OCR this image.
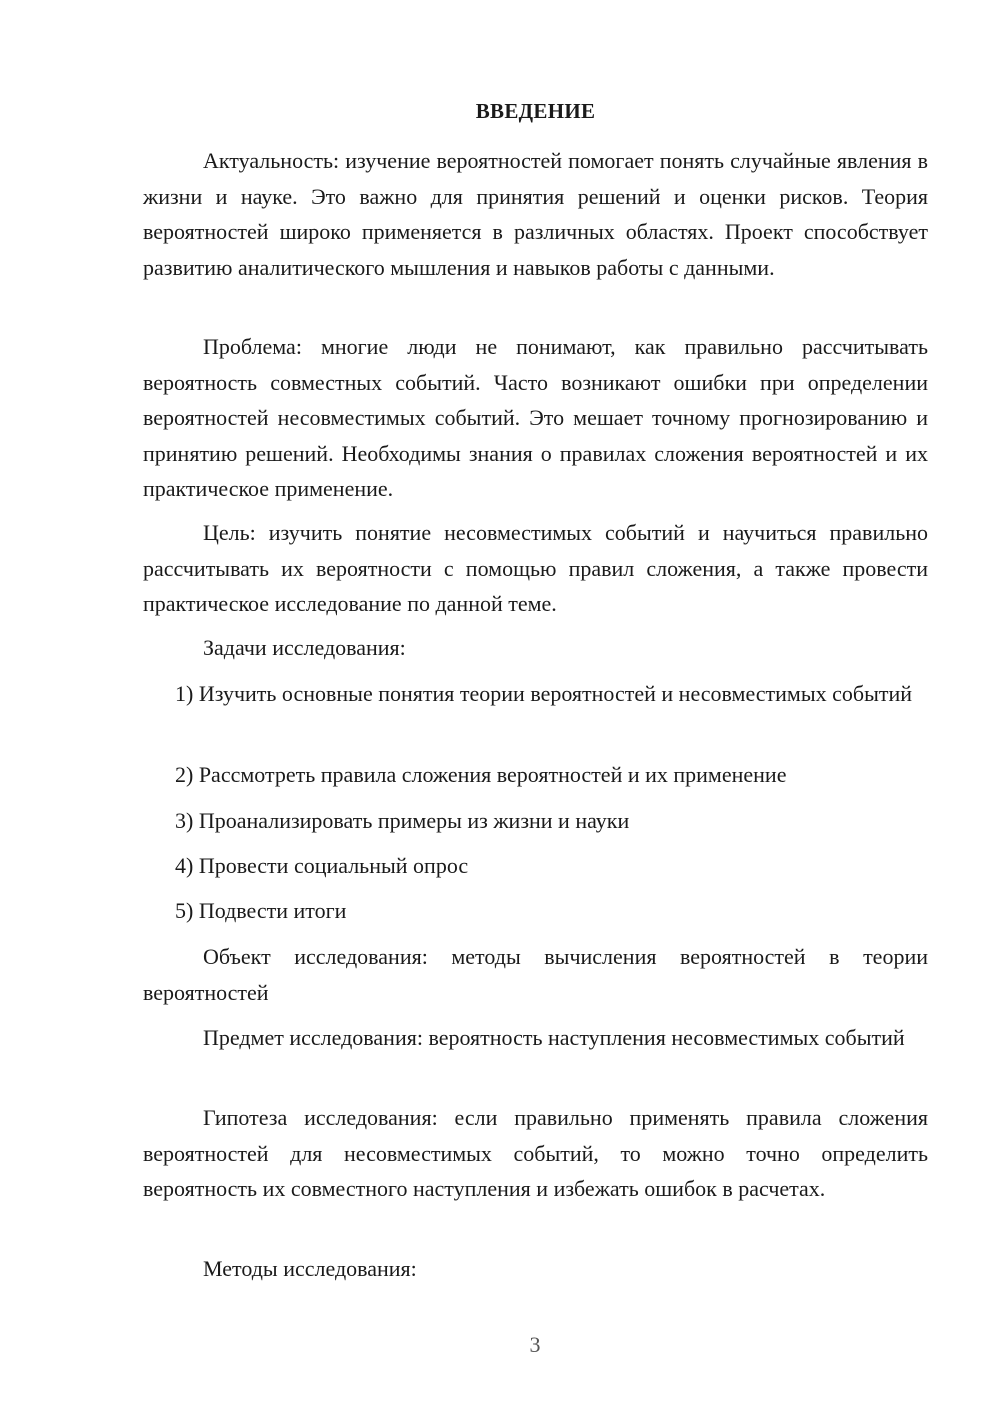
ВВЕДЕНИЕ

Актуальность: изучение вероятностей помогает понять случайные явления в жизни и науке. Это важно для принятия решений и оценки рисков. Теория вероятностей широко применяется в различных областях. Проект способствует развитию аналитического мышления и навыков работы с данными.

Проблема: многие люди не понимают, как правильно рассчитывать вероятность совместных событий. Часто возникают ошибки при определении вероятностей несовместимых событий. Это мешает точному прогнозированию и принятию решений. Необходимы знания о правилах сложения вероятностей и их практическое применение.

Цель: изучить понятие несовместимых событий и научиться правильно рассчитывать их вероятности с помощью правил сложения, а также провести практическое исследование по данной теме.

Задачи исследования:

1) Изучить основные понятия теории вероятностей и несовместимых событий

2) Рассмотреть правила сложения вероятностей и их применение

3) Проанализировать примеры из жизни и науки

4) Провести социальный опрос

5) Подвести итоги

Объект исследования: методы вычисления вероятностей в теории вероятностей

Предмет исследования: вероятность наступления несовместимых событий

Гипотеза исследования: если правильно применять правила сложения вероятностей для несовместимых событий, то можно точно определить вероятность их совместного наступления и избежать ошибок в расчетах.

Методы исследования:

3
